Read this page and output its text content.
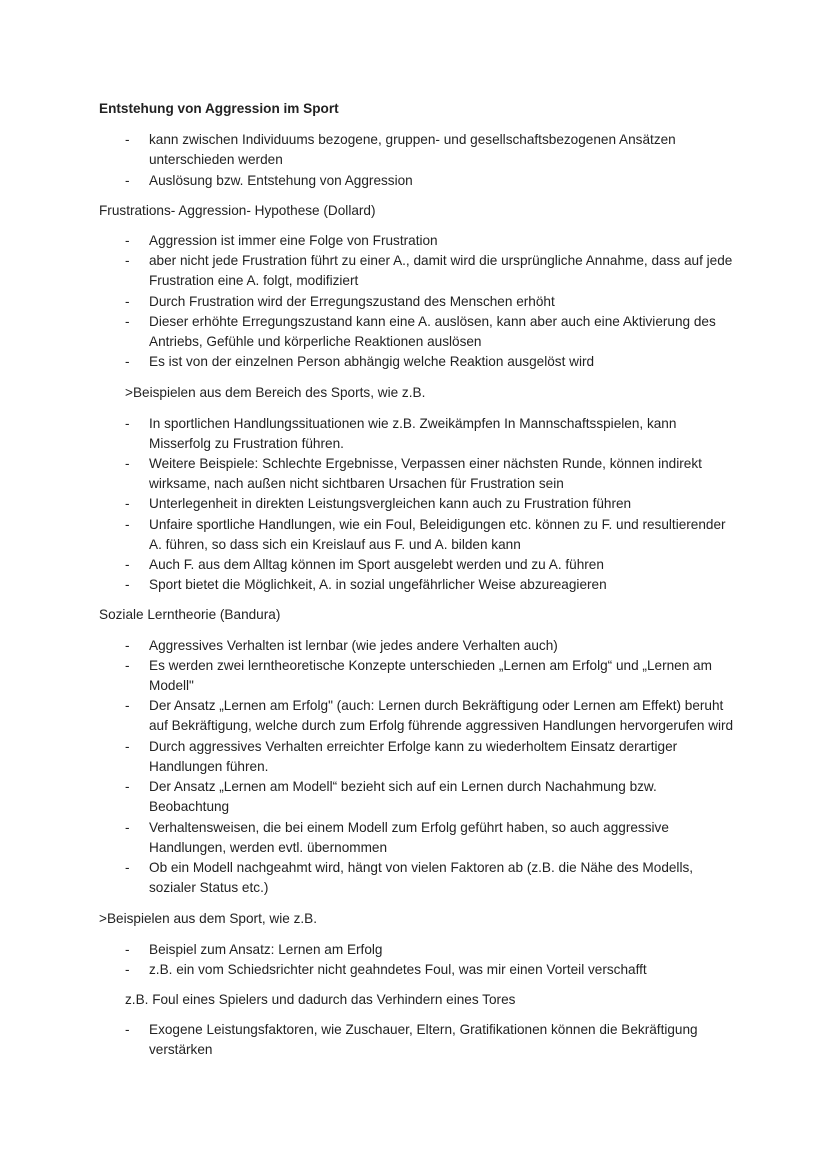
Entstehung von Aggression im Sport
- kann zwischen Individuums bezogene, gruppen- und gesellschaftsbezogenen Ansätzen unterschieden werden
- Auslösung bzw. Entstehung von Aggression
Frustrations- Aggression- Hypothese (Dollard)
- Aggression ist immer eine Folge von Frustration
- aber nicht jede Frustration führt zu einer A., damit wird die ursprüngliche Annahme, dass auf jede Frustration eine A. folgt, modifiziert
- Durch Frustration wird der Erregungszustand des Menschen erhöht
- Dieser erhöhte Erregungszustand kann eine A. auslösen, kann aber auch eine Aktivierung des Antriebs, Gefühle und körperliche Reaktionen auslösen
- Es ist von der einzelnen Person abhängig welche Reaktion ausgelöst wird
>Beispielen aus dem Bereich des Sports, wie z.B.
- In sportlichen Handlungssituationen wie z.B. Zweikämpfen In Mannschaftsspielen, kann Misserfolg zu Frustration führen.
- Weitere Beispiele: Schlechte Ergebnisse, Verpassen einer nächsten Runde, können indirekt wirksame, nach außen nicht sichtbaren Ursachen für Frustration sein
- Unterlegenheit in direkten Leistungsvergleichen kann auch zu Frustration führen
- Unfaire sportliche Handlungen, wie ein Foul, Beleidigungen etc. können zu F. und resultierender A. führen, so dass sich ein Kreislauf aus F. und A. bilden kann
- Auch F. aus dem Alltag können im Sport ausgelebt werden und zu A. führen
- Sport bietet die Möglichkeit, A. in sozial ungefährlicher Weise abzureagieren
Soziale Lerntheorie (Bandura)
- Aggressives Verhalten ist lernbar (wie jedes andere Verhalten auch)
- Es werden zwei lerntheoretische Konzepte unterschieden „Lernen am Erfolg“ und „Lernen am Modell"
- Der Ansatz „Lernen am Erfolg" (auch: Lernen durch Bekräftigung oder Lernen am Effekt) beruht auf Bekräftigung, welche durch zum Erfolg führende aggressiven Handlungen hervorgerufen wird
- Durch aggressives Verhalten erreichter Erfolge kann zu wiederholtem Einsatz derartiger Handlungen führen.
- Der Ansatz „Lernen am Modell“ bezieht sich auf ein Lernen durch Nachahmung bzw. Beobachtung
- Verhaltensweisen, die bei einem Modell zum Erfolg geführt haben, so auch aggressive Handlungen, werden evtl. übernommen
- Ob ein Modell nachgeahmt wird, hängt von vielen Faktoren ab (z.B. die Nähe des Modells, sozialer Status etc.)
>Beispielen aus dem Sport, wie z.B.
- Beispiel zum Ansatz: Lernen am Erfolg
- z.B. ein vom Schiedsrichter nicht geahndetes Foul, was mir einen Vorteil verschafft
z.B. Foul eines Spielers und dadurch das Verhindern eines Tores
- Exogene Leistungsfaktoren, wie Zuschauer, Eltern, Gratifikationen können die Bekräftigung verstärken
